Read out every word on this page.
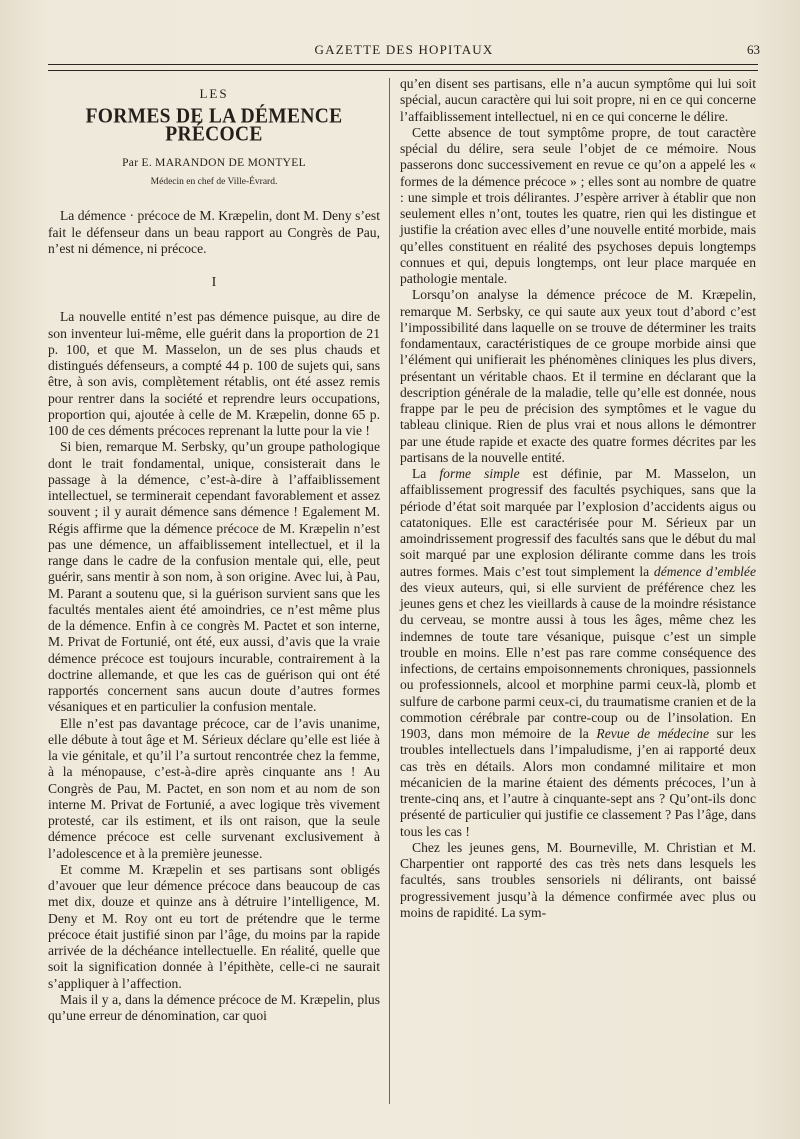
GAZETTE DES HOPITAUX	63
LES
FORMES DE LA DÉMENCE PRÉCOCE
Par E. MARANDON DE MONTYEL
Médecin en chef de Ville-Évrard.

La démence · précoce de M. Kræpelin, dont M. Deny s’est fait le défenseur dans un beau rapport au Congrès de Pau, n’est ni démence, ni précoce.

I

La nouvelle entité n’est pas démence puisque, au dire de son inventeur lui-même, elle guérit dans la proportion de 21 p. 100, et que M. Masselon, un de ses plus chauds et distingués défenseurs, a compté 44 p. 100 de sujets qui, sans être, à son avis, complètement rétablis, ont été assez remis pour rentrer dans la société et reprendre leurs occupations, proportion qui, ajoutée à celle de M. Kræpelin, donne 65 p. 100 de ces déments précoces reprenant la lutte pour la vie !

Si bien, remarque M. Serbsky, qu’un groupe pathologique dont le trait fondamental, unique, consisterait dans le passage à la démence, c’est-à-dire à l’affaiblissement intellectuel, se terminerait cependant favorablement et assez souvent ; il y aurait démence sans démence ! Egalement M. Régis affirme que la démence précoce de M. Kræpelin n’est pas une démence, un affaiblissement intellectuel, et il la range dans le cadre de la confusion mentale qui, elle, peut guérir, sans mentir à son nom, à son origine. Avec lui, à Pau, M. Parant a soutenu que, si la guérison survient sans que les facultés mentales aient été amoindries, ce n’est même plus de la démence. Enfin à ce congrès M. Pactet et son interne, M. Privat de Fortunié, ont été, eux aussi, d’avis que la vraie démence précoce est toujours incurable, contrairement à la doctrine allemande, et que les cas de guérison qui ont été rapportés concernent sans aucun doute d’autres formes vésaniques et en particulier la confusion mentale.

Elle n’est pas davantage précoce, car de l’avis unanime, elle débute à tout âge et M. Sérieux déclare qu’elle est liée à la vie génitale, et qu’il l’a surtout rencontrée chez la femme, à la ménopause, c’est-à-dire après cinquante ans ! Au Congrès de Pau, M. Pactet, en son nom et au nom de son interne M. Privat de Fortunié, a avec logique très vivement protesté, car ils estiment, et ils ont raison, que la seule démence précoce est celle survenant exclusivement à l’adolescence et à la première jeunesse.

Et comme M. Kræpelin et ses partisans sont obligés d’avouer que leur démence précoce dans beaucoup de cas met dix, douze et quinze ans à détruire l’intelligence, M. Deny et M. Roy ont eu tort de prétendre que le terme précoce était justifié sinon par l’âge, du moins par la rapide arrivée de la déchéance intellectuelle. En réalité, quelle que soit la signification donnée à l’épithète, celle-ci ne saurait s’appliquer à l’affection.

Mais il y a, dans la démence précoce de M. Kræpelin, plus qu’une erreur de dénomination, car quoi

qu’en disent ses partisans, elle n’a aucun symptôme qui lui soit spécial, aucun caractère qui lui soit propre, ni en ce qui concerne l’affaiblissement intellectuel, ni en ce qui concerne le délire.

Cette absence de tout symptôme propre, de tout caractère spécial du délire, sera seule l’objet de ce mémoire. Nous passerons donc successivement en revue ce qu’on a appelé les « formes de la démence précoce » ; elles sont au nombre de quatre : une simple et trois délirantes. J’espère arriver à établir que non seulement elles n’ont, toutes les quatre, rien qui les distingue et justifie la création avec elles d’une nouvelle entité morbide, mais qu’elles constituent en réalité des psychoses depuis longtemps connues et qui, depuis longtemps, ont leur place marquée en pathologie mentale.

Lorsqu’on analyse la démence précoce de M. Kræpelin, remarque M. Serbsky, ce qui saute aux yeux tout d’abord c’est l’impossibilité dans laquelle on se trouve de déterminer les traits fondamentaux, caractéristiques de ce groupe morbide ainsi que l’élément qui unifierait les phénomènes cliniques les plus divers, présentant un véritable chaos. Et il termine en déclarant que la description générale de la maladie, telle qu’elle est donnée, nous frappe par le peu de précision des symptômes et le vague du tableau clinique. Rien de plus vrai et nous allons le démontrer par une étude rapide et exacte des quatre formes décrites par les partisans de la nouvelle entité.

La forme simple est définie, par M. Masselon, un affaiblissement progressif des facultés psychiques, sans que la période d’état soit marquée par l’explosion d’accidents aigus ou catatoniques. Elle est caractérisée pour M. Sérieux par un amoindrissement progressif des facultés sans que le début du mal soit marqué par une explosion délirante comme dans les trois autres formes. Mais c’est tout simplement la démence d’emblée des vieux auteurs, qui, si elle survient de préférence chez les jeunes gens et chez les vieillards à cause de la moindre résistance du cerveau, se montre aussi à tous les âges, même chez les indemnes de toute tare vésanique, puisque c’est un simple trouble en moins. Elle n’est pas rare comme conséquence des infections, de certains empoisonnements chroniques, passionnels ou professionnels, alcool et morphine parmi ceux-là, plomb et sulfure de carbone parmi ceux-ci, du traumatisme cranien et de la commotion cérébrale par contre-coup ou de l’insolation. En 1903, dans mon mémoire de la Revue de médecine sur les troubles intellectuels dans l’impaludisme, j’en ai rapporté deux cas très en détails. Alors mon condamné militaire et mon mécanicien de la marine étaient des déments précoces, l’un à trente-cinq ans, et l’autre à cinquante-sept ans ? Qu’ont-ils donc présenté de particulier qui justifie ce classement ? Pas l’âge, dans tous les cas !

Chez les jeunes gens, M. Bourneville, M. Christian et M. Charpentier ont rapporté des cas très nets dans lesquels les facultés, sans troubles sensoriels ni délirants, ont baissé progressivement jusqu’à la démence confirmée avec plus ou moins de rapidité. La sym-
